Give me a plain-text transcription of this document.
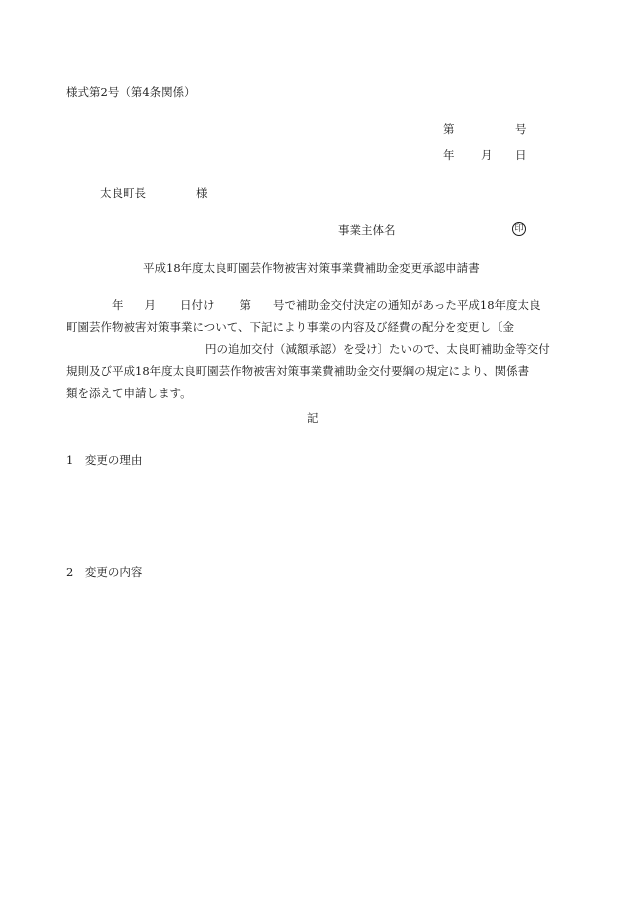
様式第2号（第4条関係）
第	号
年 月 日
太良町長	様
事業主体名	印
平成18年度太良町園芸作物被害対策事業費補助金変更承認申請書
年 月 日付け 第 号で補助金交付決定の通知があった平成18年度太良
町園芸作物被害対策事業について、下記により事業の内容及び経費の配分を変更し〔金
円の追加交付（減額承認）を受け〕たいので、太良町補助金等交付
規則及び平成18年度太良町園芸作物被害対策事業費補助金交付要綱の規定により、関係書
類を添えて申請します。
記
1　変更の理由
2　変更の内容
